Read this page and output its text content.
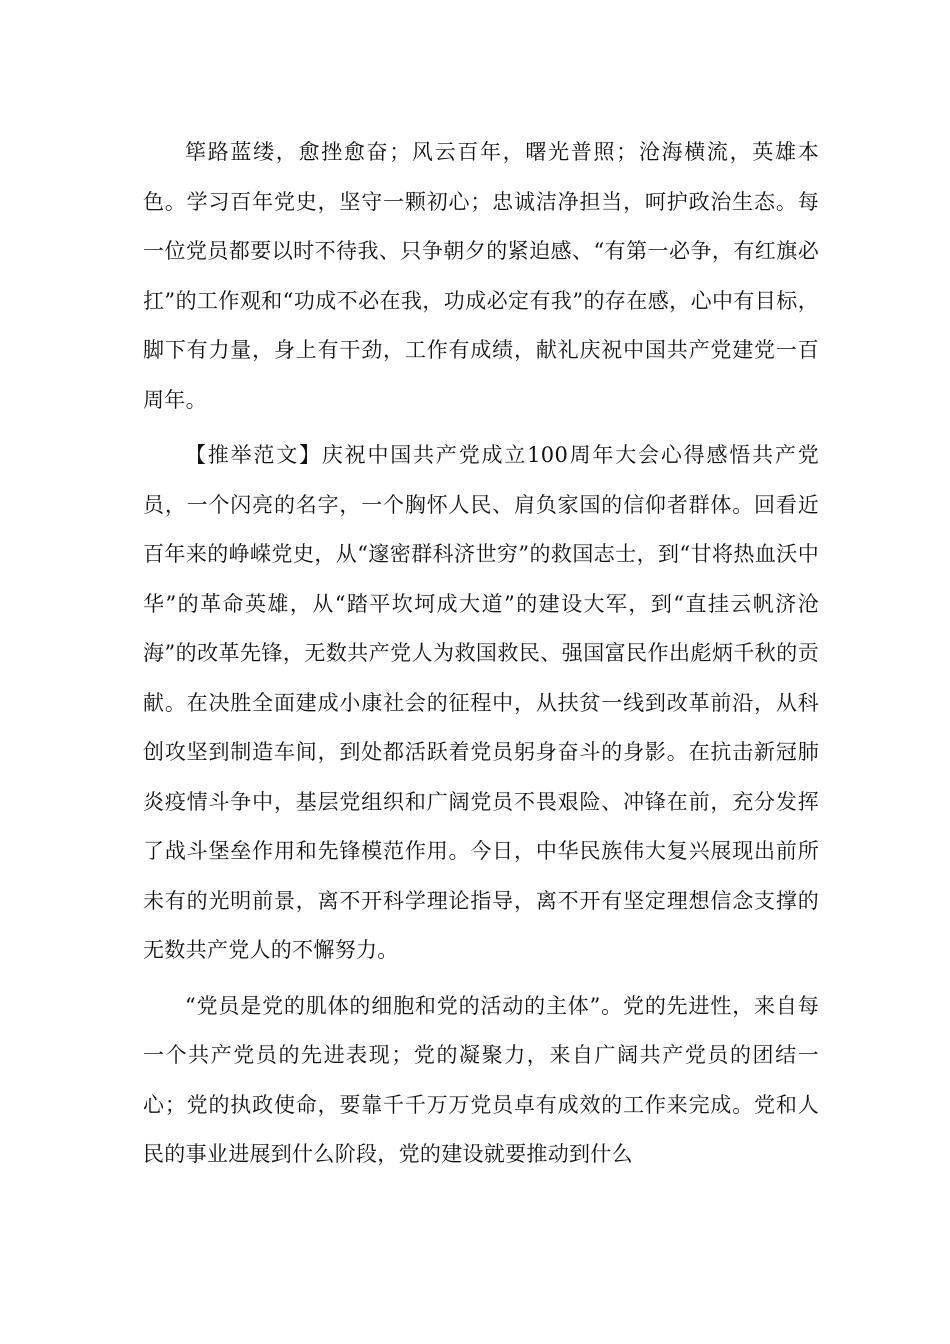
筚路蓝缕，愈挫愈奋；风云百年，曙光普照；沧海横流，英雄本色。学习百年党史，坚守一颗初心；忠诚洁净担当，呵护政治生态。每一位党员都要以时不待我、只争朝夕的紧迫感、“有第一必争，有红旗必扛”的工作观和“功成不必在我，功成必定有我”的存在感，心中有目标，脚下有力量，身上有干劲，工作有成绩，献礼庆祝中国共产党建党一百周年。

【推举范文】庆祝中国共产党成立100周年大会心得感悟共产党员，一个闪亮的名字，一个胸怀人民、肩负家国的信仰者群体。回看近百年来的峥嵘党史，从“邃密群科济世穷”的救国志士，到“甘将热血沃中华”的革命英雄，从“踏平坎坷成大道”的建设大军，到“直挂云帆济沧海”的改革先锋，无数共产党人为救国救民、强国富民作出彪炳千秋的贡献。在决胜全面建成小康社会的征程中，从扶贫一线到改革前沿，从科创攻坚到制造车间，到处都活跃着党员躬身奋斗的身影。在抗击新冠肺炎疫情斗争中，基层党组织和广阔党员不畏艰险、冲锋在前，充分发挥了战斗堡垒作用和先锋模范作用。今日，中华民族伟大复兴展现出前所未有的光明前景，离不开科学理论指导，离不开有坚定理想信念支撑的无数共产党人的不懈努力。

“党员是党的肌体的细胞和党的活动的主体”。党的先进性，来自每一个共产党员的先进表现；党的凝聚力，来自广阔共产党员的团结一心；党的执政使命，要靠千千万万党员卓有成效的工作来完成。党和人民的事业进展到什么阶段，党的建设就要推动到什么
